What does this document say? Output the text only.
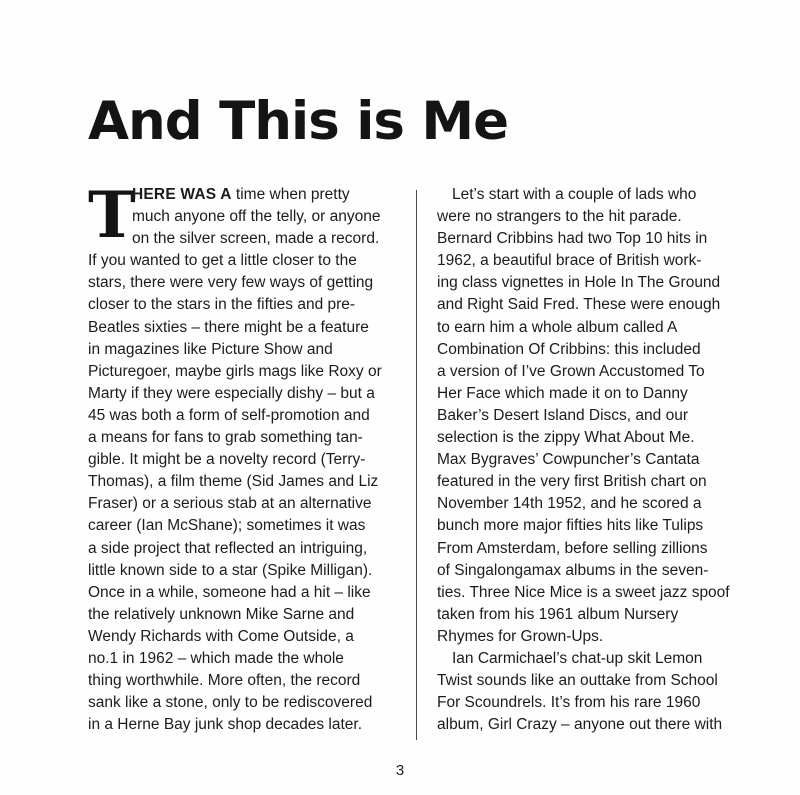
And This is Me
T
HERE WAS A time when pretty
much anyone off the telly, or anyone
on the silver screen, made a record.
If you wanted to get a little closer to the
stars, there were very few ways of getting
closer to the stars in the fifties and pre-
Beatles sixties – there might be a feature
in magazines like Picture Show and
Picturegoer, maybe girls mags like Roxy or
Marty if they were especially dishy – but a
45 was both a form of self-promotion and
a means for fans to grab something tan-
gible. It might be a novelty record (Terry-
Thomas), a film theme (Sid James and Liz
Fraser) or a serious stab at an alternative
career (Ian McShane); sometimes it was
a side project that reflected an intriguing,
little known side to a star (Spike Milligan).
Once in a while, someone had a hit – like
the relatively unknown Mike Sarne and
Wendy Richards with Come Outside, a
no.1 in 1962 – which made the whole
thing worthwhile. More often, the record
sank like a stone, only to be rediscovered
in a Herne Bay junk shop decades later.
Let’s start with a couple of lads who
were no strangers to the hit parade.
Bernard Cribbins had two Top 10 hits in
1962, a beautiful brace of British work-
ing class vignettes in Hole In The Ground
and Right Said Fred. These were enough
to earn him a whole album called A
Combination Of Cribbins: this included
a version of I’ve Grown Accustomed To
Her Face which made it on to Danny
Baker’s Desert Island Discs, and our
selection is the zippy What About Me.
Max Bygraves’ Cowpuncher’s Cantata
featured in the very first British chart on
November 14th 1952, and he scored a
bunch more major fifties hits like Tulips
From Amsterdam, before selling zillions
of Singalongamax albums in the seven-
ties. Three Nice Mice is a sweet jazz spoof
taken from his 1961 album Nursery
Rhymes for Grown-Ups.
Ian Carmichael’s chat-up skit Lemon
Twist sounds like an outtake from School
For Scoundrels. It’s from his rare 1960
album, Girl Crazy – anyone out there with
3
